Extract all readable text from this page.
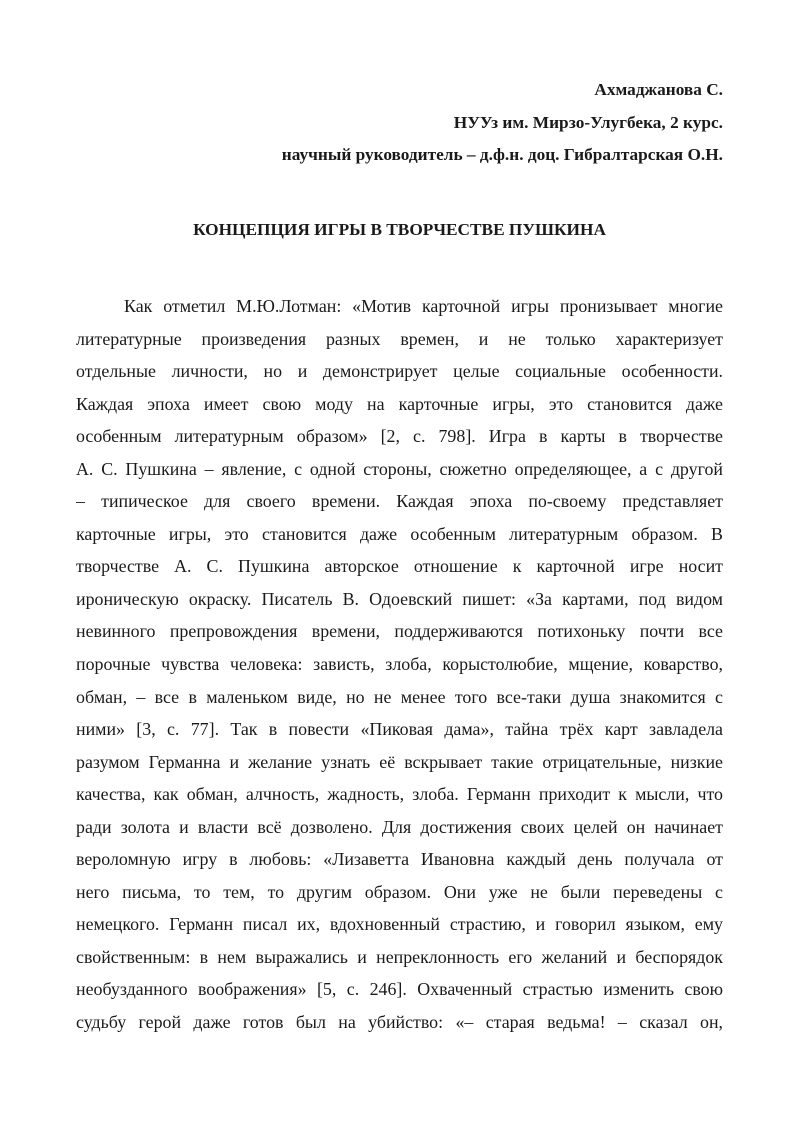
Ахмаджанова С.
НУУз им. Мирзо-Улугбека, 2 курс.
научный руководитель – д.ф.н. доц. Гибралтарская О.Н.
КОНЦЕПЦИЯ ИГРЫ В ТВОРЧЕСТВЕ ПУШКИНА
Как отметил М.Ю.Лотман: «Мотив карточной игры пронизывает многие
литературные произведения разных времен, и не только характеризует
отдельные личности, но и демонстрирует целые социальные особенности.
Каждая эпоха имеет свою моду на карточные игры, это становится даже
особенным литературным образом» [2, с. 798]. Игра в карты в творчестве
А. С. Пушкина – явление, с одной стороны, сюжетно определяющее, а с другой
– типическое для своего времени. Каждая эпоха по-своему представляет
карточные игры, это становится даже особенным литературным образом. В
творчестве А. С. Пушкина авторское отношение к карточной игре носит
ироническую окраску. Писатель В. Одоевский пишет: «За картами, под видом
невинного препровождения времени, поддерживаются потихоньку почти все
порочные чувства человека: зависть, злоба, корыстолюбие, мщение, коварство,
обман, – все в маленьком виде, но не менее того все-таки душа знакомится с
ними» [3, с. 77]. Так в повести «Пиковая дама», тайна трёх карт завладела
разумом Германна и желание узнать её вскрывает такие отрицательные, низкие
качества, как обман, алчность, жадность, злоба. Германн приходит к мысли, что
ради золота и власти всё дозволено. Для достижения своих целей он начинает
вероломную игру в любовь: «Лизаветта Ивановна каждый день получала от
него письма, то тем, то другим образом. Они уже не были переведены с
немецкого. Германн писал их, вдохновенный страстию, и говорил языком, ему
свойственным: в нем выражались и непреклонность его желаний и беспорядок
необузданного воображения» [5, с. 246]. Охваченный страстью изменить свою
судьбу герой даже готов был на убийство: «– старая ведьма! – сказал он,
